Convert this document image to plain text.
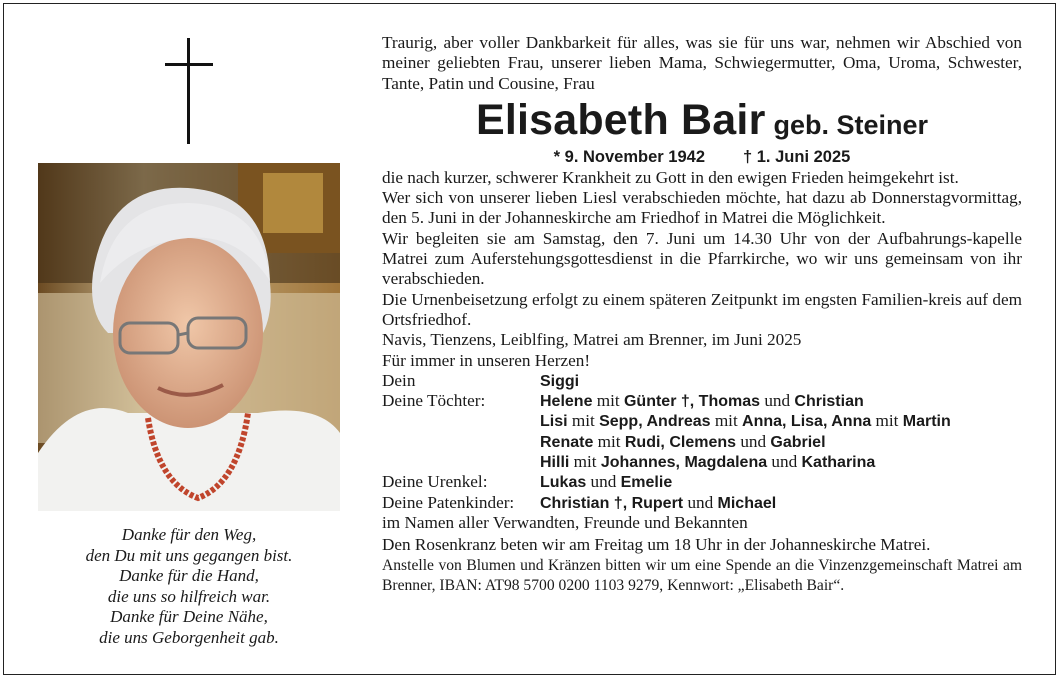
Danke für den Weg,
den Du mit uns gegangen bist.
Danke für die Hand,
die uns so hilfreich war.
Danke für Deine Nähe,
die uns Geborgenheit gab.
Traurig, aber voller Dankbarkeit für alles, was sie für uns war, nehmen wir Abschied von meiner geliebten Frau, unserer lieben Mama, Schwiegermutter, Oma, Uroma, Schwester, Tante, Patin und Cousine, Frau
Elisabeth Bair geb. Steiner
* 9. November 1942 † 1. Juni 2025
die nach kurzer, schwerer Krankheit zu Gott in den ewigen Frieden heimgekehrt ist.
Wer sich von unserer lieben Liesl verabschieden möchte, hat dazu ab Donnerstagvormittag, den 5. Juni in der Johanneskirche am Friedhof in Matrei die Möglichkeit.
Wir begleiten sie am Samstag, den 7. Juni um 14.30 Uhr von der Aufbahrungs-kapelle Matrei zum Auferstehungsgottesdienst in die Pfarrkirche, wo wir uns gemeinsam von ihr verabschieden.
Die Urnenbeisetzung erfolgt zu einem späteren Zeitpunkt im engsten Familien-kreis auf dem Ortsfriedhof.
Navis, Tienzens, Leiblfing, Matrei am Brenner, im Juni 2025
Für immer in unseren Herzen!
Dein	Siggi
Deine Töchter:	Helene mit Günter †, Thomas und Christian
Lisi mit Sepp, Andreas mit Anna, Lisa, Anna mit Martin
Renate mit Rudi, Clemens und Gabriel
Hilli mit Johannes, Magdalena und Katharina
Deine Urenkel:	Lukas und Emelie
Deine Patenkinder:	Christian †, Rupert und Michael
im Namen aller Verwandten, Freunde und Bekannten
Den Rosenkranz beten wir am Freitag um 18 Uhr in der Johanneskirche Matrei.
Anstelle von Blumen und Kränzen bitten wir um eine Spende an die Vinzenzgemeinschaft Matrei am Brenner, IBAN: AT98 5700 0200 1103 9279, Kennwort: „Elisabeth Bair“.
